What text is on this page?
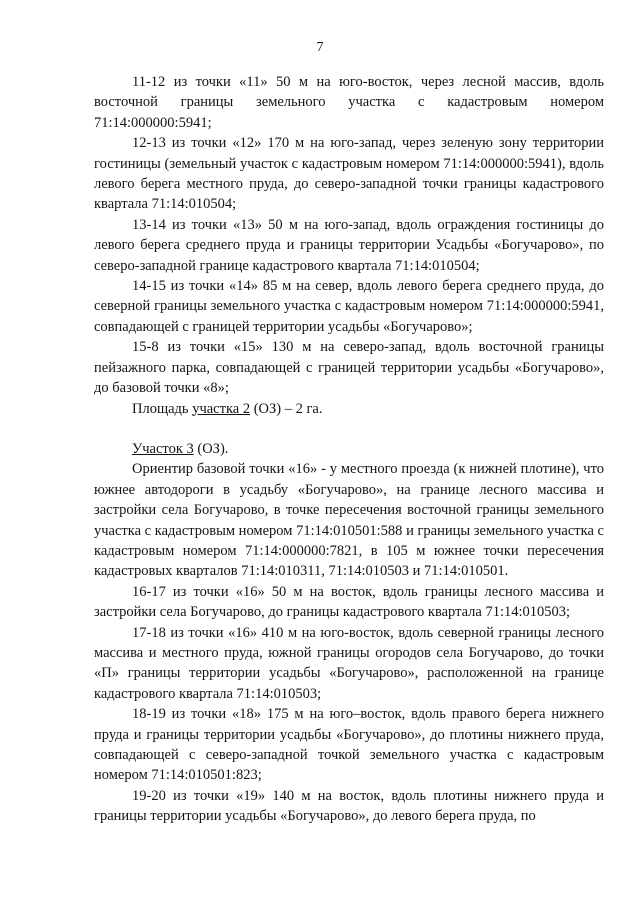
7

11-12 из точки «11» 50 м на юго-восток, через лесной массив, вдоль восточной границы земельного участка с кадастровым номером 71:14:000000:5941;

12-13 из точки «12» 170 м на юго-запад, через зеленую зону территории гостиницы (земельный участок с кадастровым номером 71:14:000000:5941), вдоль левого берега местного пруда, до северо-западной точки границы кадастрового квартала 71:14:010504;

13-14 из точки «13» 50 м на юго-запад, вдоль ограждения гостиницы до левого берега среднего пруда и границы территории Усадьбы «Богучарово», по северо-западной границе кадастрового квартала 71:14:010504;

14-15 из точки «14» 85 м на север, вдоль левого берега среднего пруда, до северной границы земельного участка с кадастровым номером 71:14:000000:5941, совпадающей с границей территории усадьбы «Богучарово»;

15-8 из точки «15» 130 м на северо-запад, вдоль восточной границы пейзажного парка, совпадающей с границей территории усадьбы «Богучарово», до базовой точки «8»;

Площадь участка 2 (ОЗ) – 2 га.

Участок 3 (ОЗ).

Ориентир базовой точки «16» - у местного проезда (к нижней плотине), что южнее автодороги в усадьбу «Богучарово», на границе лесного массива и застройки села Богучарово, в точке пересечения восточной границы земельного участка с кадастровым номером 71:14:010501:588 и границы земельного участка с кадастровым номером 71:14:000000:7821, в 105 м южнее точки пересечения кадастровых кварталов 71:14:010311, 71:14:010503 и 71:14:010501.

16-17 из точки «16» 50 м на восток, вдоль границы лесного массива и застройки села Богучарово, до границы кадастрового квартала 71:14:010503;

17-18 из точки «16» 410 м на юго-восток, вдоль северной границы лесного массива и местного пруда, южной границы огородов села Богучарово, до точки «П» границы территории усадьбы «Богучарово», расположенной на границе кадастрового квартала 71:14:010503;

18-19 из точки «18» 175 м на юго–восток, вдоль правого берега нижнего пруда и границы территории усадьбы «Богучарово», до плотины нижнего пруда, совпадающей с северо-западной точкой земельного участка с кадастровым номером 71:14:010501:823;

19-20 из точки «19» 140 м на восток, вдоль плотины нижнего пруда и границы территории усадьбы «Богучарово», до левого берега пруда, по
